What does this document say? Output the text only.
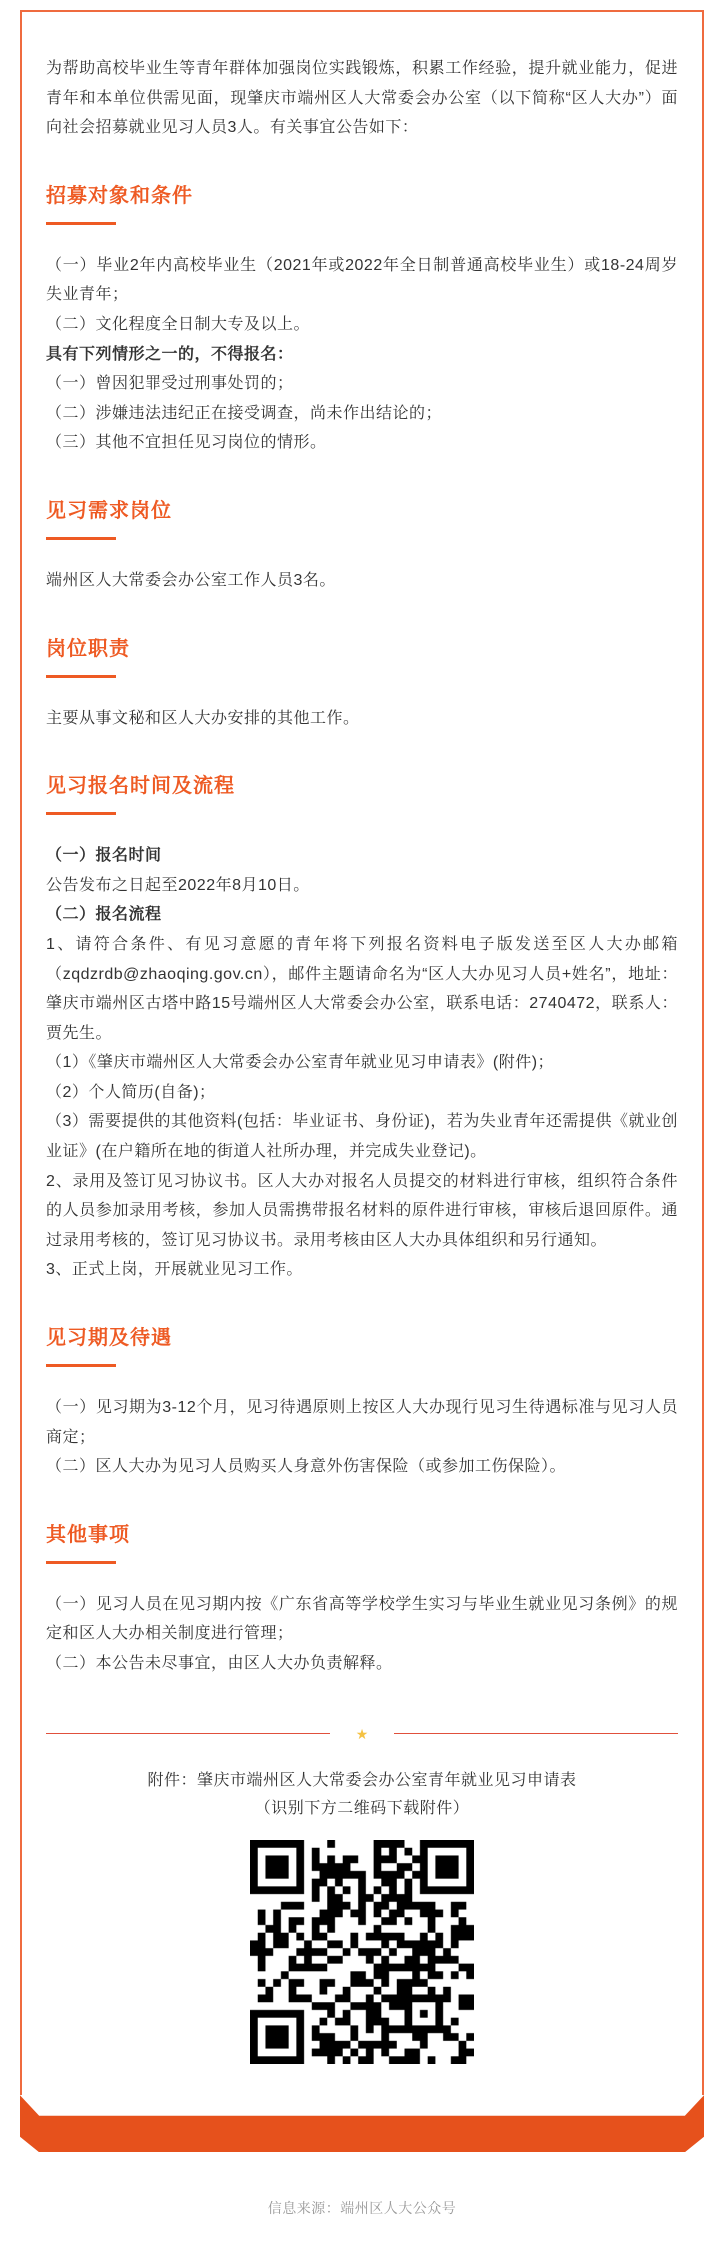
为帮助高校毕业生等青年群体加强岗位实践锻炼，积累工作经验，提升就业能力，促进青年和本单位供需见面，现肇庆市端州区人大常委会办公室（以下简称“区人大办”）面向社会招募就业见习人员3人。有关事宜公告如下：

招募对象和条件

（一）毕业2年内高校毕业生（2021年或2022年全日制普通高校毕业生）或18-24周岁失业青年；

（二）文化程度全日制大专及以上。

具有下列情形之一的，不得报名：

（一）曾因犯罪受过刑事处罚的；

（二）涉嫌违法违纪正在接受调查，尚未作出结论的；

（三）其他不宜担任见习岗位的情形。

见习需求岗位

端州区人大常委会办公室工作人员3名。

岗位职责

主要从事文秘和区人大办安排的其他工作。

见习报名时间及流程

（一）报名时间

公告发布之日起至2022年8月10日。

（二）报名流程

1、请符合条件、有见习意愿的青年将下列报名资料电子版发送至区人大办邮箱（zqdzrdb@zhaoqing.gov.cn），邮件主题请命名为“区人大办见习人员+姓名”，地址：肇庆市端州区古塔中路15号端州区人大常委会办公室，联系电话：2740472，联系人：贾先生。

（1）《肇庆市端州区人大常委会办公室青年就业见习申请表》(附件)；

（2）个人简历(自备)；

（3）需要提供的其他资料(包括：毕业证书、身份证)，若为失业青年还需提供《就业创业证》(在户籍所在地的街道人社所办理，并完成失业登记)。

2、录用及签订见习协议书。区人大办对报名人员提交的材料进行审核，组织符合条件的人员参加录用考核，参加人员需携带报名材料的原件进行审核，审核后退回原件。通过录用考核的，签订见习协议书。录用考核由区人大办具体组织和另行通知。

3、正式上岗，开展就业见习工作。

见习期及待遇

（一）见习期为3-12个月，见习待遇原则上按区人大办现行见习生待遇标准与见习人员商定；

（二）区人大办为见习人员购买人身意外伤害保险（或参加工伤保险）。

其他事项

（一）见习人员在见习期内按《广东省高等学校学生实习与毕业生就业见习条例》的规定和区人大办相关制度进行管理；

（二）本公告未尽事宜，由区人大办负责解释。

★

附件：肇庆市端州区人大常委会办公室青年就业见习申请表

（识别下方二维码下载附件）

信息来源：端州区人大公众号
